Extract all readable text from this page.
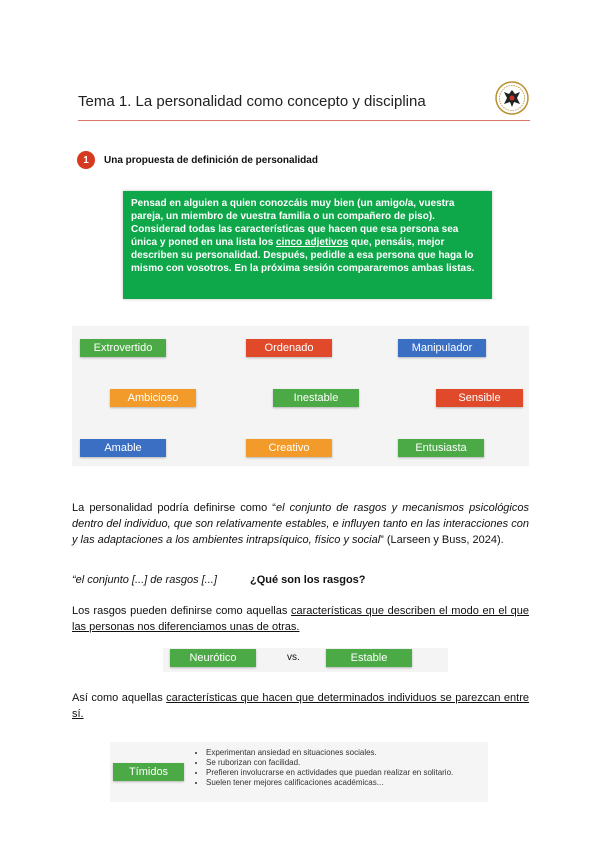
Tema 1. La personalidad como concepto y disciplina
1	Una propuesta de definición de personalidad
Pensad en alguien a quien conozcáis muy bien (un amigo/a, vuestra pareja, un miembro de vuestra familia o un compañero de piso). Considerad todas las características que hacen que esa persona sea única y poned en una lista los cinco adjetivos que, pensáis, mejor describen su personalidad. Después, pedidle a esa persona que haga lo mismo con vosotros. En la próxima sesión compararemos ambas listas.
Extrovertido	Ordenado	Manipulador
Ambicioso	Inestable	Sensible
Amable	Creativo	Entusiasta
La personalidad podría definirse como “el conjunto de rasgos y mecanismos psicológicos dentro del individuo, que son relativamente estables, e influyen tanto en las interacciones con y las adaptaciones a los ambientes intrapsíquico, físico y social” (Larseen y Buss, 2024).
“el conjunto [...] de rasgos [...]	¿Qué son los rasgos?
Los rasgos pueden definirse como aquellas características que describen el modo en el que las personas nos diferenciamos unas de otras.
Neurótico	Estable
vs.
Así como aquellas características que hacen que determinados individuos se parezcan entre sí.
Tímidos
• Experimentan ansiedad en situaciones sociales.
• Se ruborizan con facilidad.
• Prefieren involucrarse en actividades que puedan realizar en solitario.
• Suelen tener mejores calificaciones académicas...
